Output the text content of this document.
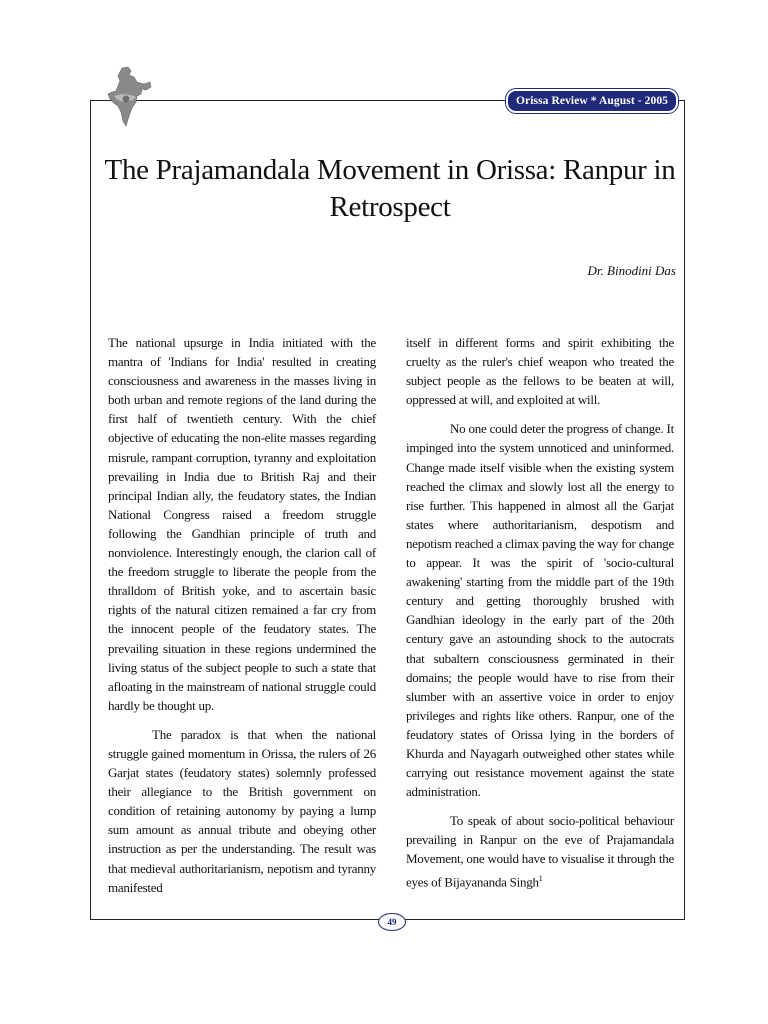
Orissa Review * August - 2005
The Prajamandala Movement in Orissa: Ranpur in Retrospect
Dr. Binodini Das

The national upsurge in India initiated with the mantra of 'Indians for India' resulted in creating consciousness and awareness in the masses living in both urban and remote regions of the land during the first half of twentieth century. With the chief objective of educating the non-elite masses regarding misrule, rampant corruption, tyranny and exploitation prevailing in India due to British Raj and their principal Indian ally, the feudatory states, the Indian National Congress raised a freedom struggle following the Gandhian principle of truth and nonviolence. Interestingly enough, the clarion call of the freedom struggle to liberate the people from the thralldom of British yoke, and to ascertain basic rights of the natural citizen remained a far cry from the innocent people of the feudatory states. The prevailing situation in these regions undermined the living status of the subject people to such a state that afloating in the mainstream of national struggle could hardly be thought up.

The paradox is that when the national struggle gained momentum in Orissa, the rulers of 26 Garjat states (feudatory states) solemnly professed their allegiance to the British government on condition of retaining autonomy by paying a lump sum amount as annual tribute and obeying other instruction as per the understanding. The result was that medieval authoritarianism, nepotism and tyranny manifested

itself in different forms and spirit exhibiting the cruelty as the ruler's chief weapon who treated the subject people as the fellows to be beaten at will, oppressed at will, and exploited at will.

No one could deter the progress of change. It impinged into the system unnoticed and uninformed. Change made itself visible when the existing system reached the climax and slowly lost all the energy to rise further. This happened in almost all the Garjat states where authoritarianism, despotism and nepotism reached a climax paving the way for change to appear. It was the spirit of 'socio-cultural awakening' starting from the middle part of the 19th century and getting thoroughly brushed with Gandhian ideology in the early part of the 20th century gave an astounding shock to the autocrats that subaltern consciousness germinated in their domains; the people would have to rise from their slumber with an assertive voice in order to enjoy privileges and rights like others. Ranpur, one of the feudatory states of Orissa lying in the borders of Khurda and Nayagarh outweighed other states while carrying out resistance movement against the state administration.

To speak of about socio-political behaviour prevailing in Ranpur on the eve of Prajamandala Movement, one would have to visualise it through the eyes of Bijayananda Singh$^1$

49
